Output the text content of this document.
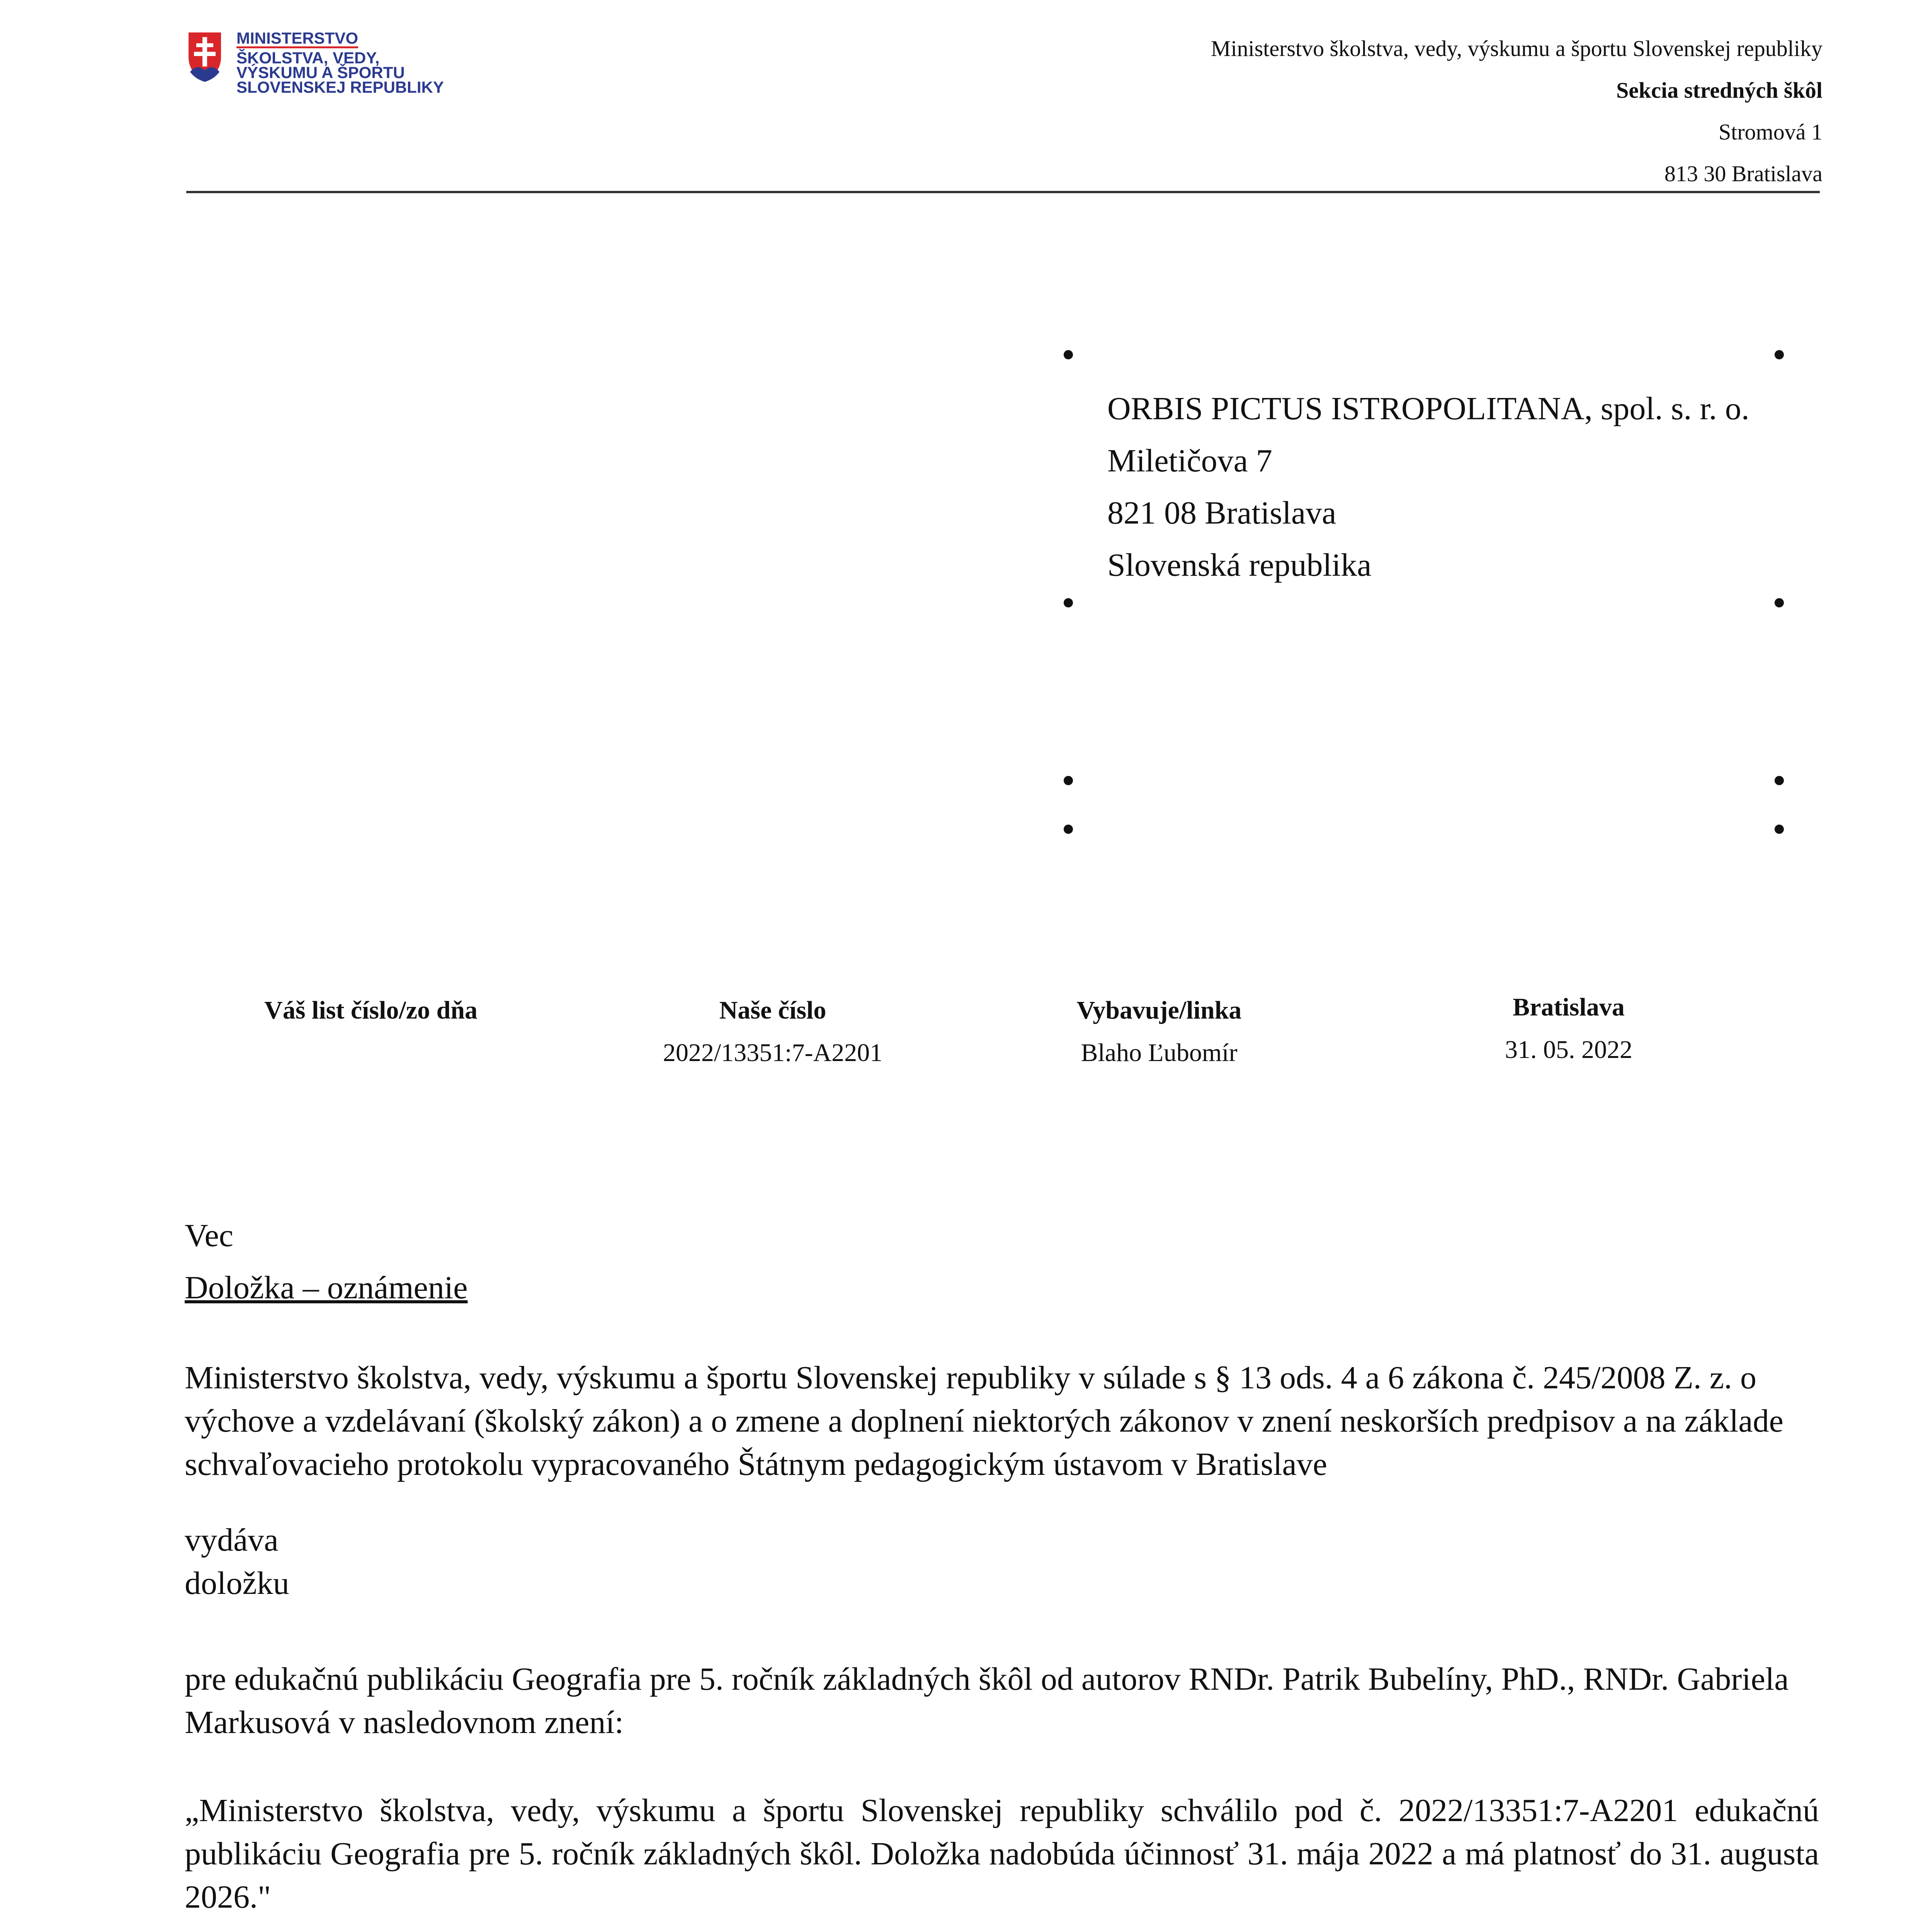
MINISTERSTVO
ŠKOLSTVA, VEDY,
VÝSKUMU A ŠPORTU
SLOVENSKEJ REPUBLIKY
Ministerstvo školstva, vedy, výskumu a športu Slovenskej republiky
Sekcia stredných škôl
Stromová 1
813 30 Bratislava
ORBIS PICTUS ISTROPOLITANA, spol. s. r. o.
Miletičova 7
821 08 Bratislava
Slovenská republika
Váš list číslo/zo dňa	Naše číslo
2022/13351:7-A2201
Vybavuje/linka
Blaho Ľubomír
Bratislava
31. 05. 2022
Vec
Doložka – oznámenie
Ministerstvo školstva, vedy, výskumu a športu Slovenskej republiky v súlade s § 13 ods. 4 a 6 zákona č. 245/2008 Z. z. o výchove a vzdelávaní (školský zákon) a o zmene a doplnení niektorých zákonov v znení neskorších predpisov a na základe schvaľovacieho protokolu vypracovaného Štátnym pedagogickým ústavom v Bratislave
vydáva
doložku
pre edukačnú publikáciu Geografia pre 5. ročník základných škôl od autorov RNDr. Patrik Bubelíny, PhD., RNDr. Gabriela Markusová v nasledovnom znení:
„Ministerstvo školstva, vedy, výskumu a športu Slovenskej republiky schválilo pod č. 2022/13351:7-A2201 edukačnú publikáciu Geografia pre 5. ročník základných škôl. Doložka nadobúda účinnosť 31. mája 2022 a má platnosť do 31. augusta 2026."
